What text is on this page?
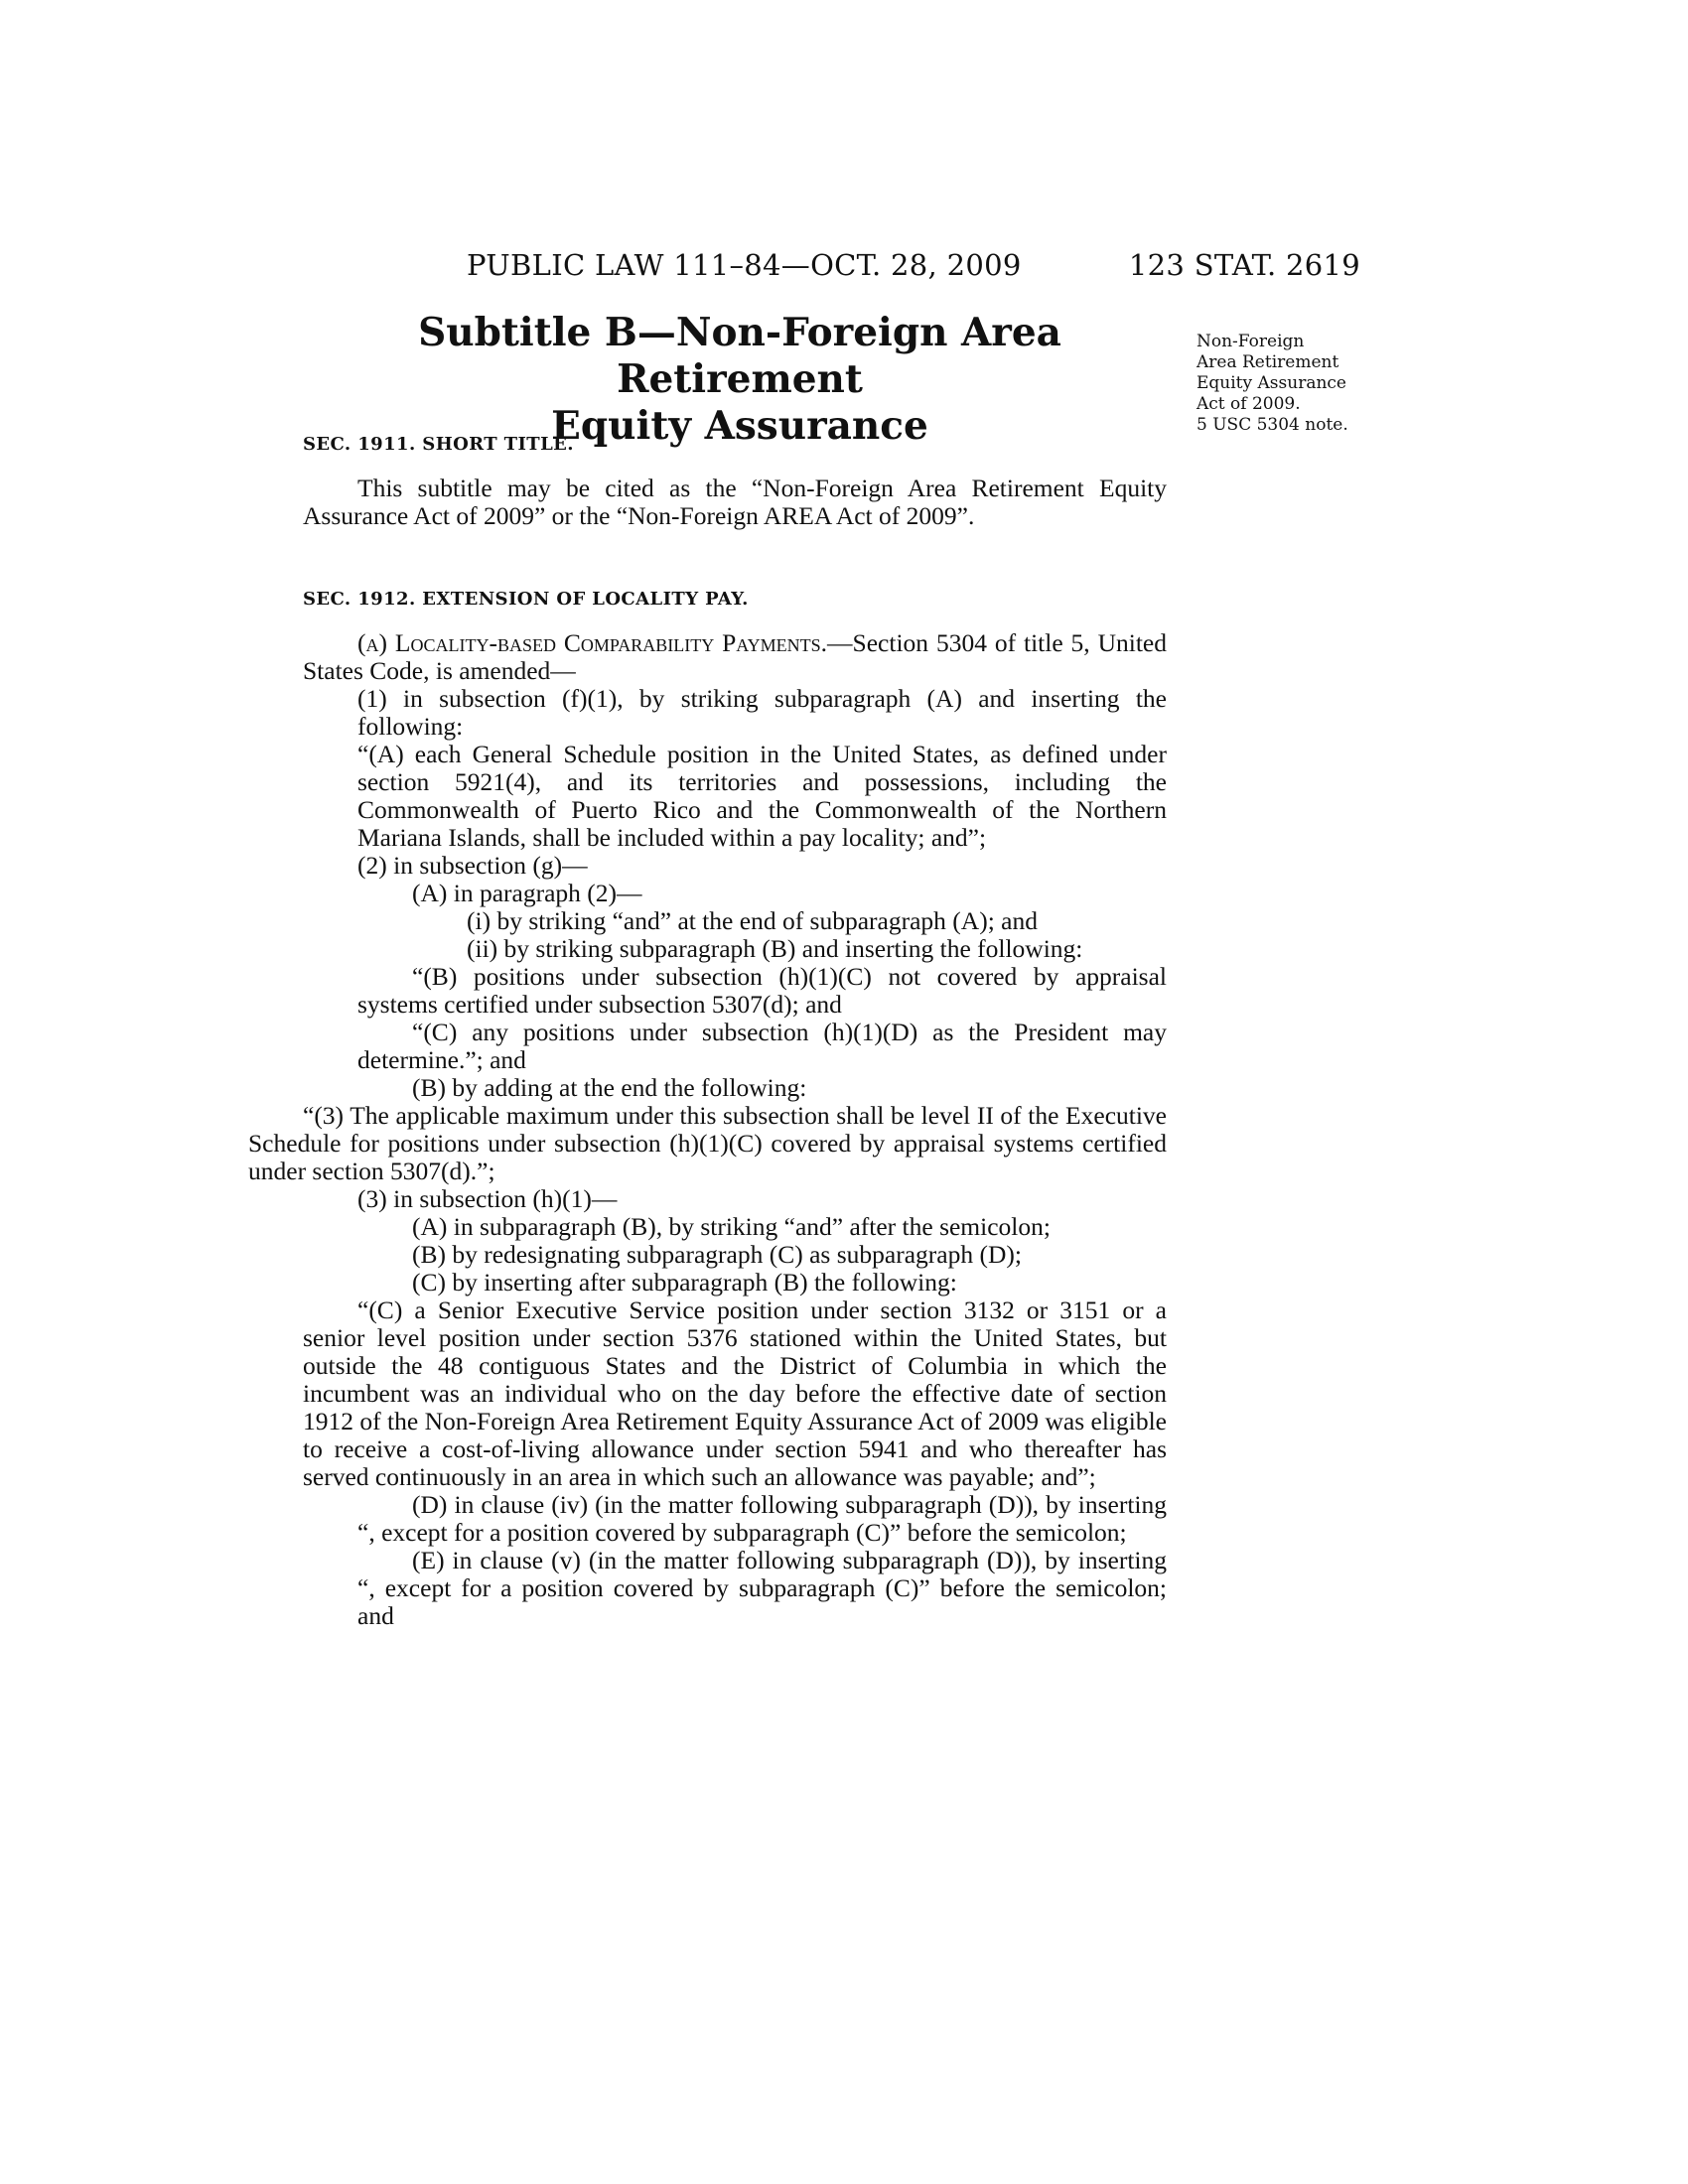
PUBLIC LAW 111–84—OCT. 28, 2009	123 STAT. 2619
Subtitle B—Non-Foreign Area Retirement
Equity Assurance
Non-Foreign
Area Retirement
Equity Assurance
Act of 2009.
5 USC 5304 note.
SEC. 1911. SHORT TITLE.

This subtitle may be cited as the “Non-Foreign Area Retirement Equity Assurance Act of 2009” or the “Non-Foreign AREA Act of 2009”.

SEC. 1912. EXTENSION OF LOCALITY PAY.

(a) Locality-based Comparability Payments.—Section 5304 of title 5, United States Code, is amended—

(1) in subsection (f)(1), by striking subparagraph (A) and inserting the following:

“(A) each General Schedule position in the United States, as defined under section 5921(4), and its territories and possessions, including the Commonwealth of Puerto Rico and the Commonwealth of the Northern Mariana Islands, shall be included within a pay locality; and”;

(2) in subsection (g)—

(A) in paragraph (2)—

(i) by striking “and” at the end of subparagraph (A); and

(ii) by striking subparagraph (B) and inserting the following:

“(B) positions under subsection (h)(1)(C) not covered by appraisal systems certified under subsection 5307(d); and

“(C) any positions under subsection (h)(1)(D) as the President may determine.”; and

(B) by adding at the end the following:

“(3) The applicable maximum under this subsection shall be level II of the Executive Schedule for positions under subsection (h)(1)(C) covered by appraisal systems certified under section 5307(d).”;

(3) in subsection (h)(1)—

(A) in subparagraph (B), by striking “and” after the semicolon;

(B) by redesignating subparagraph (C) as subparagraph (D);

(C) by inserting after subparagraph (B) the following:

“(C) a Senior Executive Service position under section 3132 or 3151 or a senior level position under section 5376 stationed within the United States, but outside the 48 contiguous States and the District of Columbia in which the incumbent was an individual who on the day before the effective date of section 1912 of the Non-Foreign Area Retirement Equity Assurance Act of 2009 was eligible to receive a cost-of-living allowance under section 5941 and who thereafter has served continuously in an area in which such an allowance was payable; and”;

(D) in clause (iv) (in the matter following subparagraph (D)), by inserting “, except for a position covered by subparagraph (C)” before the semicolon;

(E) in clause (v) (in the matter following subparagraph (D)), by inserting “, except for a position covered by subparagraph (C)” before the semicolon; and
